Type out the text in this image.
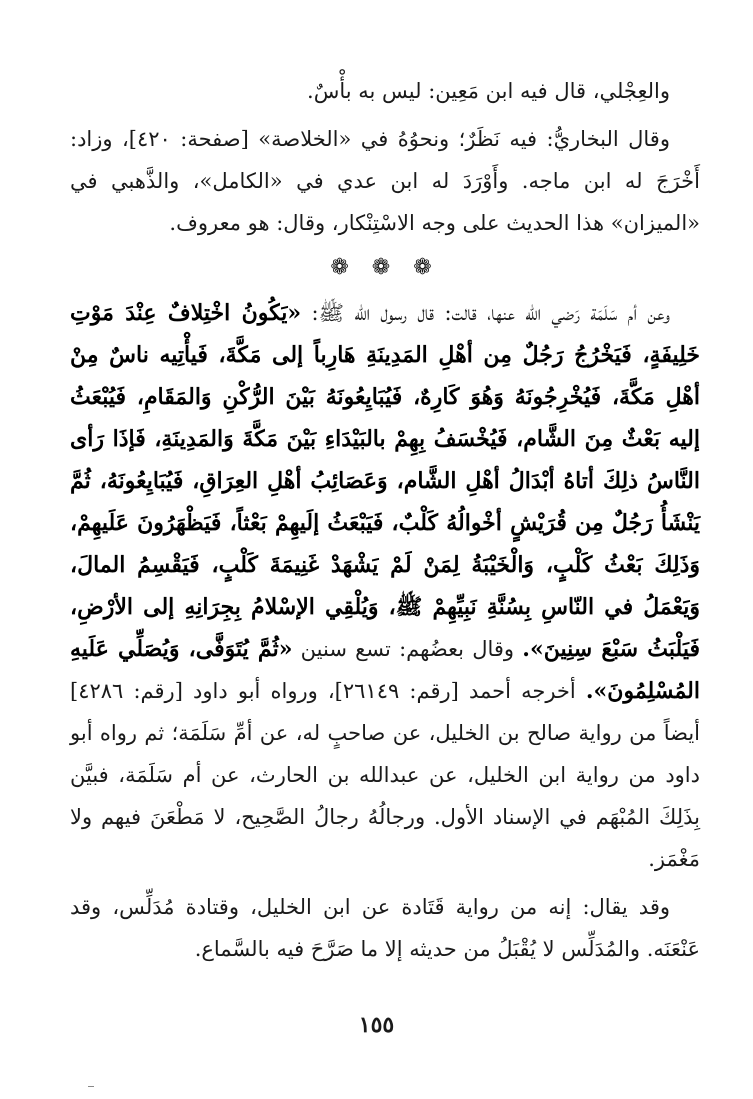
والعِجْلي، قال فيه ابن مَعِين: ليس به بأْسٌ.

وقال البخاريُّ: فيه نَظَرٌ؛ ونحوُهُ في «الخلاصة» [صفحة: ٤٢٠]، وزاد: أَخْرَجَ له ابن ماجه. وأَوْرَدَ له ابن عدي في «الكامل»، والذَّهبي في «الميزان» هذا الحديث على وجه الاسْتِنْكار، وقال: هو معروف.

❁ ❁ ❁

وعن أم سَلَمَة رَضي الله عنها، قالت: قال رسول الله ﷺ: «يَكُونُ اخْتِلافٌ عِنْدَ مَوْتِ خَلِيفَةٍ، فَيَخْرُجُ رَجُلٌ مِن أهْلِ المَدِينَةِ هَارِباً إلى مَكَّةَ، فَيأْتِيه ناسٌ مِنْ أهْلِ مَكَّةَ، فَيُخْرِجُونَهُ وَهُوَ كَارِهٌ، فَيُبَايِعُونَهُ بَيْنَ الرُّكْنِ وَالمَقَامِ، فَيُبْعَثُ إليه بَعْثٌ مِنَ الشَّام، فَيُخْسَفُ بِهِمْ بالبَيْدَاءِ بَيْنَ مَكَّةَ وَالمَدِينَةِ، فَإذَا رَأى النَّاسُ ذلِكَ أتاهُ أبْدَالُ أهْلِ الشَّام، وَعَصَائِبُ أهْلِ العِرَاقِ، فَيُبَايِعُونَهُ، ثُمَّ يَنْشَأُ رَجُلٌ مِن قُرَيْشٍ أخْوالُهُ كَلْبٌ، فَيَبْعَثُ إلَيهِمْ بَعْثاً، فَيَظْهَرُونَ عَلَيهِمْ، وَذَلِكَ بَعْثُ كَلْبٍ، وَالْخَيْبَةُ لِمَنْ لَمْ يَشْهَدْ غَنِيمَةَ كَلْبٍ، فَيَقْسِمُ المالَ، وَيَعْمَلُ في النّاسِ بِسُنَّةِ نَبِيِّهِمْ ﷺ، وَيُلْقِي الإسْلامُ بِجِرَانِهِ إلى الأرْضِ، فَيَلْبَثُ سَبْعَ سِنِينَ». وقال بعضُهم: تسع سنين «ثُمَّ يُتَوَفَّى، وَيُصَلِّي عَلَيهِ المُسْلِمُونَ». أخرجه أحمد [رقم: ٢٦١٤٩]، ورواه أبو داود [رقم: ٤٢٨٦] أيضاً من رواية صالح بن الخليل، عن صاحبٍ له، عن أمِّ سَلَمَة؛ ثم رواه أبو داود من رواية ابن الخليل، عن عبدالله بن الحارث، عن أم سَلَمَة، فبيَّن بِذَلِكَ المُبْهَم في الإسناد الأول. ورجالُهُ رجالُ الصَّحِيح، لا مَطْعَنَ فيهم ولا مَغْمَز.

وقد يقال: إنه من رواية قَتَادة عن ابن الخليل، وقتادة مُدَلِّس، وقد عَنْعَنَه. والمُدَلِّس لا يُقْبَلُ من حديثه إلا ما صَرَّحَ فيه بالسَّماع.

١٥٥
